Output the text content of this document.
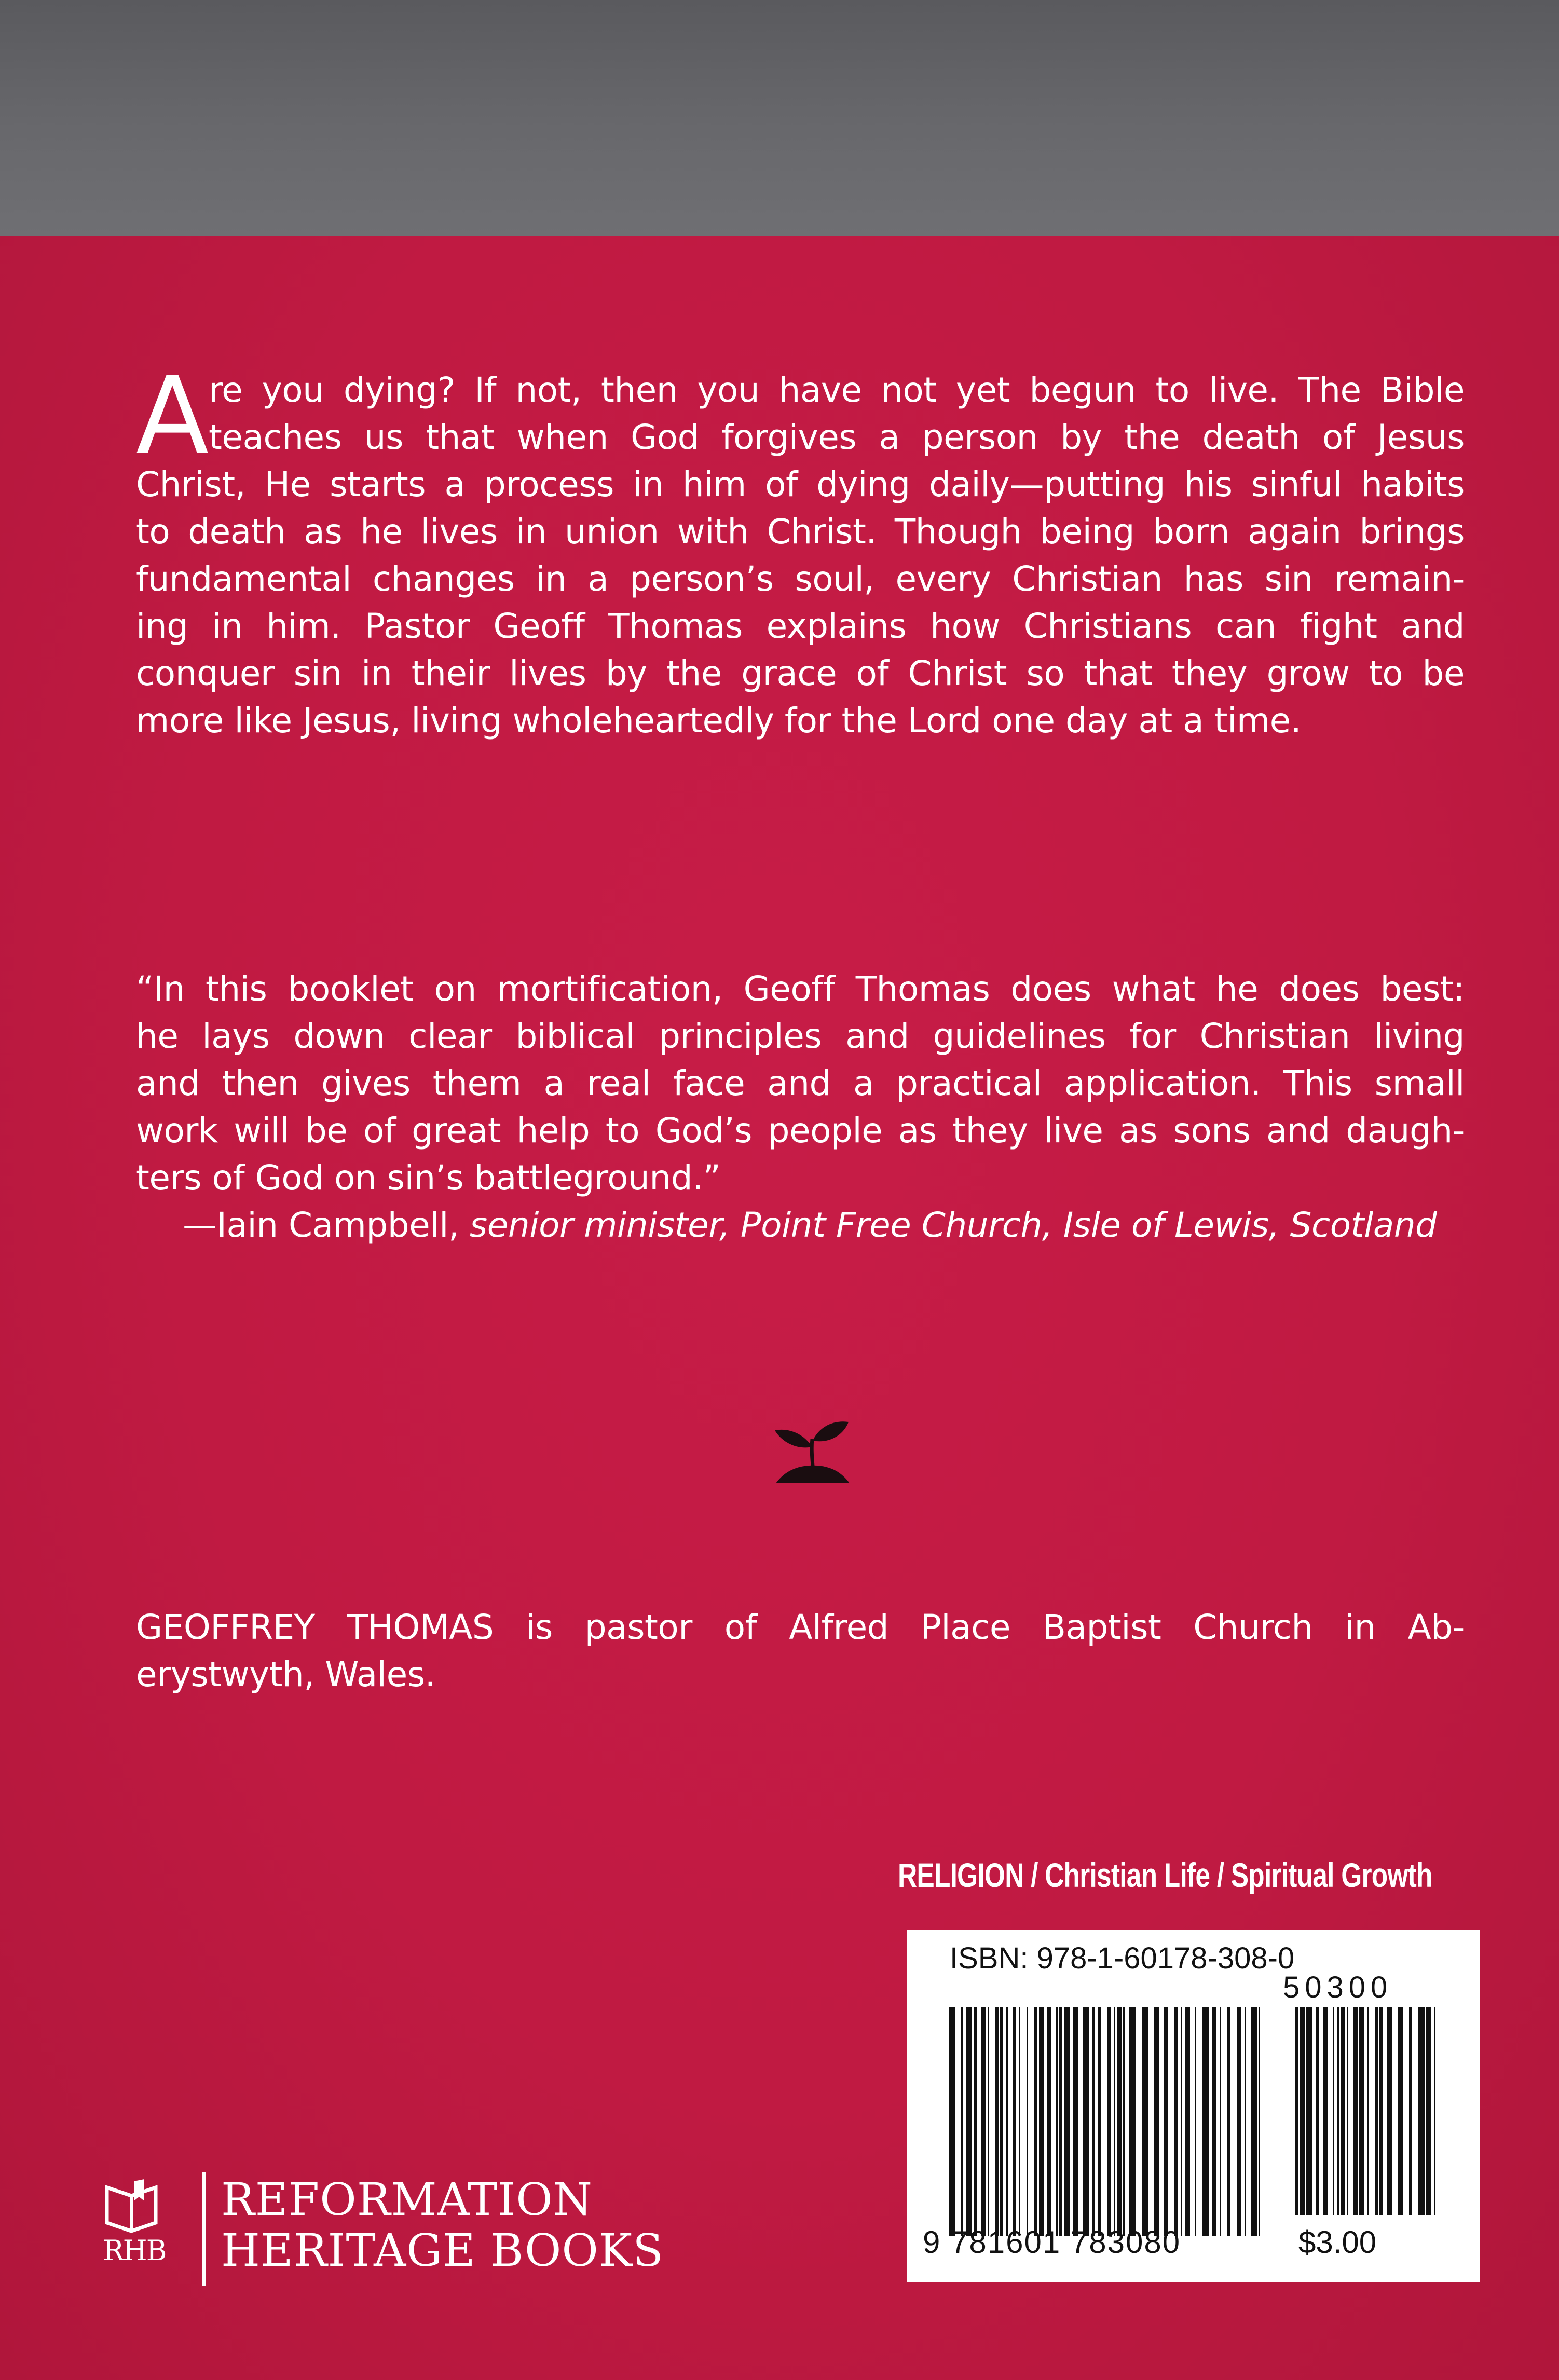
A re you dying? If not, then you have not yet begun to live. The Bible
teaches us that when God forgives a person by the death of Jesus
Christ, He starts a process in him of dying daily—putting his sinful habits
to death as he lives in union with Christ. Though being born again brings
fundamental changes in a person’s soul, every Christian has sin remain-
ing in him. Pastor Geoff Thomas explains how Christians can fight and
conquer sin in their lives by the grace of Christ so that they grow to be
more like Jesus, living wholeheartedly for the Lord one day at a time.
“In this booklet on mortification, Geoff Thomas does what he does best:
he lays down clear biblical principles and guidelines for Christian living
and then gives them a real face and a practical application. This small
work will be of great help to God’s people as they live as sons and daugh-
ters of God on sin’s battleground.”
—Iain Campbell, senior minister, Point Free Church, Isle of Lewis, Scotland
GEOFFREY THOMAS is pastor of Alfred Place Baptist Church in Ab-
erystwyth, Wales.
RELIGION / Christian Life / Spiritual Growth
ISBN: 978-1-60178-308-0
50300
9 781601 783080	$3.00
RHB
REFORMATION
HERITAGE BOOKS
